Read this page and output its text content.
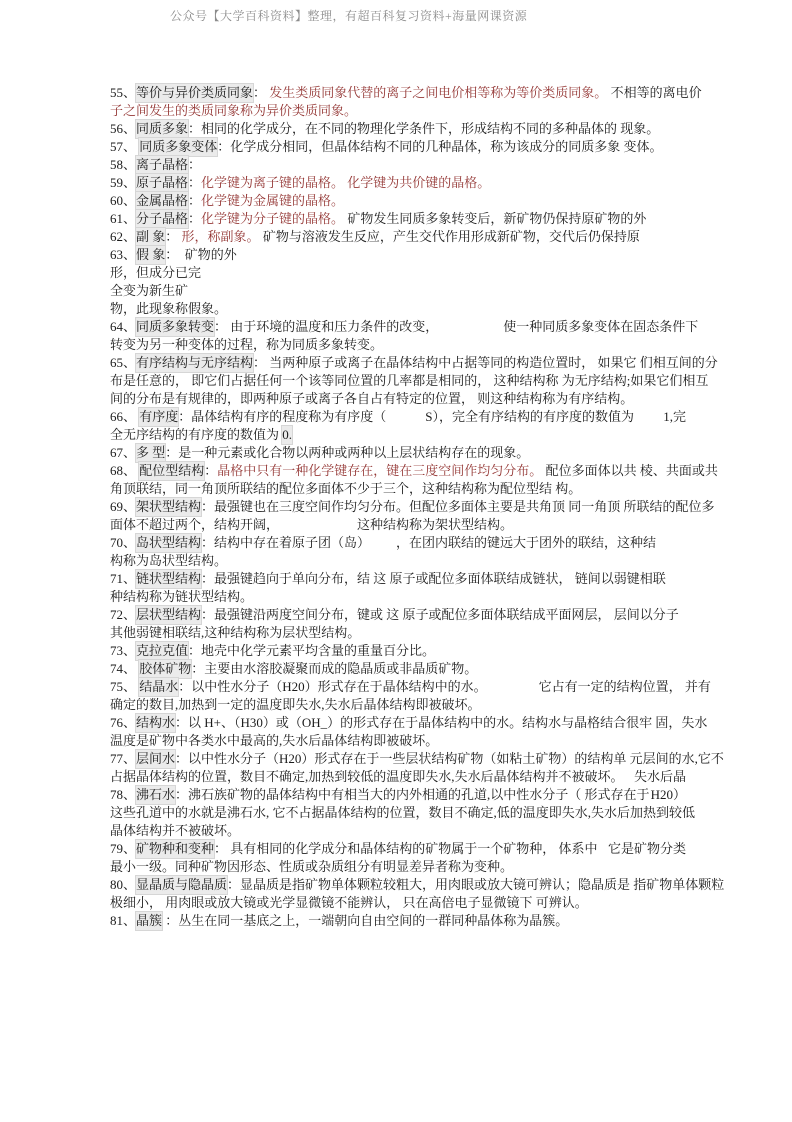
公众号【大学百科资料】整理，有超百科复习资料+海量网课资源
55、 等价与异价类质同象 ： 发生类质同象代替的离子之间电价相等称为等价类质同象。 不相等的离 电价
子之间发生的类质同象称为异价类质同象。
56、 同质多象 ：相同的化学成分，在不同的物理化学条件下，形成结构不同的多种晶体的 现象。
57、 同质多象变体 ：化学成分相同，但晶体结构不同的几种晶体，称为该成分的同质多象 变体。
58、 离子晶格 ：
59、 原子晶格 ： 化学键为离子键的晶格。 化学键为共价键的晶格。
60、 金属晶格 ： 化学键为金属键的晶格。
61、 分子晶格 ： 化学键为分子键的晶格。 矿物发生同质多象转变后，新矿物仍保持原矿物的外
62、 副 象 ： 形，称副象。 矿物与溶液发生反应，产生交代作用形成新矿物，交代后仍保持原
63、 假 象 ：　 矿物的外
形，但成分已完
全变为新生矿
物，此现象称假象。
64、 同质多象转变 ： 由于环境的温度和压力条件的改变， 　　　　　使一种同质多象变体在固态条件下
转变为另一种变体的过程，称为同质多象转变。
65、 有序结构与无序结构 ： 当两种原子或离子在晶体结构中占据等同的构造位置时， 如果它 们相互间的分
布是任意的， 即它们占据任何一个该等同位置的几率都是相同的， 这种结构称 为无序结构;如果它们相互
间的分布是有规律的，即两种原子或离子各自占有特定的位置， 则这种结构称为有序结构。
66、 有序度 ：晶体结构有序的程度称为有序度（　　　S），完全有序结构的有序度的数值为 1,完
全无序结构的有序度的数值为 0.
67、 多 型 ：是一种元素或化合物以两种或两种以上层状结构存在的现象。
68、 配位型结构 ： 晶格中只有一种化学键存在，键在三度空间作均匀分布。 配位多面体以共 棱、共面或共
角顶联结，同一角顶所联结的配位多面体不少于三个，这种结构称为配位型结 构。
69、 架状型结构 ：最强键也在三度空间作均匀分布。但配位多面体主要是共角顶 同一角顶 所联结的配位多
面体不超过两个，结构开阔， 　　　　　　这种结构称为架状型结构。
70、 岛状型结构 ：结构中存在着原子团（岛） 　　，在团内联结的键远大于团外的联结，这种结
构称为岛状型结构。
71、 链状型结构 ：最强键趋向于单向分布，结 这 原子或配位多面体联结成链状， 链间以弱键相联
种结构称为链状型结构。
72、 层状型结构 ：最强键沿两度空间分布，键或 这 原子或配位多面体联结成平面网层， 层间以分子
其他弱键相联结,这种结构称为层状型结构。
73、 克拉克值 ：地壳中化学元素平均含量的重量百分比。
74、 胶体矿物 ：主要由水溶胶凝聚而成的隐晶质或非晶质矿物。
75、 结晶水 ：以中性水分子（H20）形式存在于晶体结构中的水。 　　　　它占有一定的结构位置， 并有
确定的数目,加热到一定的温度即失水,失水后晶体结构即被破坏。
76、 结构水 ：以 H+、（H30）或（OH_）的形式存在于晶体结构中的水。结构水与晶格结合很牢 固，失水
温度是矿物中各类水中最高的,失水后晶体结构即被破坏。
77、 层间水 ：以中性水分子（H20）形式存在于一些层状结构矿物（如粘土矿物）的结构单 元层间的水,它不
占据晶体结构的位置，数目不确定,加热到较低的温度即失水,失水后晶体结构并不被破坏。 失水后晶
78、 沸石水 ：沸石族矿物的晶体结构中有相当大的内外相通的孔道,以中性水分子（ 形式存在于 H20）
这些孔道中的水就是沸石水, 它不占据晶体结构的位置，数目不确定,低的温度即失水,失水后 加热到较低
晶体结构并不被破坏。
79、 矿物种和变种 ： 具有相同的化学成分和晶体结构的矿物属于一个矿物种， 体系中 它是矿物分类
最小一级。同种矿物因形态、性质或杂质组分有明显差异者称为变种。
80、 显晶质与隐晶质 ：显晶质是指矿物单体颗粒较粗大，用肉眼或放大镜可辨认；隐晶质是 指矿物单体颗粒
极细小， 用肉眼或放大镜或光学显微镜不能辨认， 只在高倍电子显微镜下 可辨认。
81、 晶簇 ：丛生在同一基底之上，一端朝向自由空间的一群同种晶体称为晶簇。
